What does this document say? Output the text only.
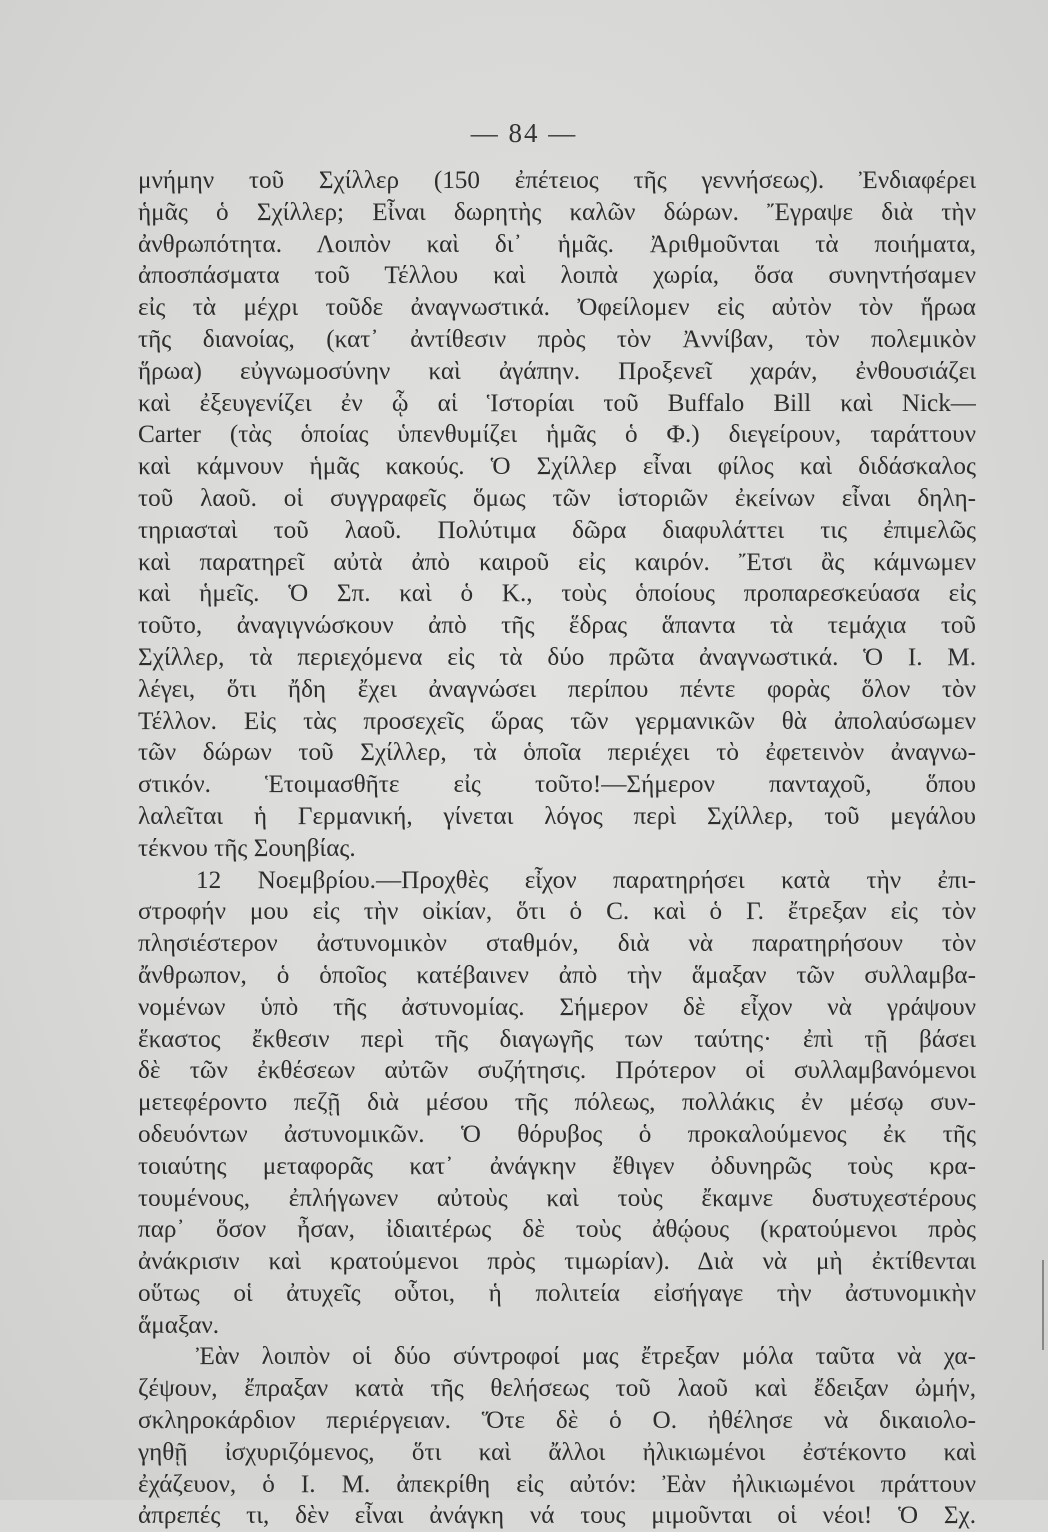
— 84 —
μνήμην τοῦ Σχίλλερ (150 ἐπέτειος τῆς γεννήσεως). Ἐνδιαφέρει
ἡμᾶς ὁ Σχίλλερ; Εἶναι δωρητὴς καλῶν δώρων. Ἔγραψε διὰ τὴν
ἀνθρωπότητα. Λοιπὸν καὶ δι᾽ ἡμᾶς. Ἀριθμοῦνται τὰ ποιήματα,
ἀποσπάσματα τοῦ Τέλλου καὶ λοιπὰ χωρία, ὅσα συνηντήσαμεν
εἰς τὰ μέχρι τοῦδε ἀναγνωστικά. Ὀφείλομεν εἰς αὐτὸν τὸν ἥρωα
τῆς διανοίας, (κατ᾽ ἀντίθεσιν πρὸς τὸν Ἀννίβαν, τὸν πολεμικὸν
ἥρωα) εὐγνωμοσύνην καὶ ἀγάπην. Προξενεῖ χαράν, ἐνθουσιάζει
καὶ ἐξευγενίζει ἐν ᾧ αἱ Ἱστορίαι τοῦ Buffalo Bill καὶ Nick—
Carter (τὰς ὁποίας ὑπενθυμίζει ἡμᾶς ὁ Φ.) διεγείρουν, ταράττουν
καὶ κάμνουν ἡμᾶς κακούς. Ὁ Σχίλλερ εἶναι φίλος καὶ διδάσκαλος
τοῦ λαοῦ. οἱ συγγραφεῖς ὅμως τῶν ἱστοριῶν ἐκείνων εἶναι δηλη-
τηριασταὶ τοῦ λαοῦ. Πολύτιμα δῶρα διαφυλάττει τις ἐπιμελῶς
καὶ παρατηρεῖ αὐτὰ ἀπὸ καιροῦ εἰς καιρόν. Ἔτσι ἂς κάμνωμεν
καὶ ἡμεῖς. Ὁ Σπ. καὶ ὁ Κ., τοὺς ὁποίους προπαρεσκεύασα εἰς
τοῦτο, ἀναγιγνώσκουν ἀπὸ τῆς ἕδρας ἅπαντα τὰ τεμάχια τοῦ
Σχίλλερ, τὰ περιεχόμενα εἰς τὰ δύο πρῶτα ἀναγνωστικά. Ὁ Ι. Μ.
λέγει, ὅτι ἤδη ἔχει ἀναγνώσει περίπου πέντε φορὰς ὅλον τὸν
Τέλλον. Εἰς τὰς προσεχεῖς ὥρας τῶν γερμανικῶν θὰ ἀπολαύσωμεν
τῶν δώρων τοῦ Σχίλλερ, τὰ ὁποῖα περιέχει τὸ ἐφετεινὸν ἀναγνω-
στικόν. Ἑτοιμασθῆτε εἰς τοῦτο!—Σήμερον πανταχοῦ, ὅπου
λαλεῖται ἡ Γερμανική, γίνεται λόγος περὶ Σχίλλερ, τοῦ μεγάλου
τέκνου τῆς Σουηβίας.
12 Νοεμβρίου.—Προχθὲς εἶχον παρατηρήσει κατὰ τὴν ἐπι-
στροφήν μου εἰς τὴν οἰκίαν, ὅτι ὁ C. καὶ ὁ Γ. ἔτρεξαν εἰς τὸν
πλησιέστερον ἀστυνομικὸν σταθμόν, διὰ νὰ παρατηρήσουν τὸν
ἄνθρωπον, ὁ ὁποῖος κατέβαινεν ἀπὸ τὴν ἅμαξαν τῶν συλλαμβα-
νομένων ὑπὸ τῆς ἀστυνομίας. Σήμερον δὲ εἶχον νὰ γράψουν
ἕκαστος ἔκθεσιν περὶ τῆς διαγωγῆς των ταύτης· ἐπὶ τῇ βάσει
δὲ τῶν ἐκθέσεων αὐτῶν συζήτησις. Πρότερον οἱ συλλαμβανόμενοι
μετεφέροντο πεζῇ διὰ μέσου τῆς πόλεως, πολλάκις ἐν μέσῳ συν-
οδευόντων ἀστυνομικῶν. Ὁ θόρυβος ὁ προκαλούμενος ἐκ τῆς
τοιαύτης μεταφορᾶς κατ᾽ ἀνάγκην ἔθιγεν ὀδυνηρῶς τοὺς κρα-
τουμένους, ἐπλήγωνεν αὐτοὺς καὶ τοὺς ἔκαμνε δυστυχεστέρους
παρ᾽ ὅσον ἦσαν, ἰδιαιτέρως δὲ τοὺς ἀθῴους (κρατούμενοι πρὸς
ἀνάκρισιν καὶ κρατούμενοι πρὸς τιμωρίαν). Διὰ νὰ μὴ ἐκτίθενται
οὕτως οἱ ἀτυχεῖς οὗτοι, ἡ πολιτεία εἰσήγαγε τὴν ἀστυνομικὴν
ἅμαξαν.
Ἐὰν λοιπὸν οἱ δύο σύντροφοί μας ἔτρεξαν μόλα ταῦτα νὰ χα-
ζέψουν, ἔπραξαν κατὰ τῆς θελήσεως τοῦ λαοῦ καὶ ἔδειξαν ὠμήν,
σκληροκάρδιον περιέργειαν. Ὅτε δὲ ὁ Ο. ἠθέλησε νὰ δικαιολο-
γηθῇ ἰσχυριζόμενος, ὅτι καὶ ἄλλοι ἠλικιωμένοι ἐστέκοντο καὶ
ἐχάζευον, ὁ Ι. Μ. ἀπεκρίθη εἰς αὐτόν: Ἐὰν ἠλικιωμένοι πράττουν
ἀπρεπές τι, δὲν εἶναι ἀνάγκη νά τους μιμοῦνται οἱ νέοι! Ὁ Σχ.
